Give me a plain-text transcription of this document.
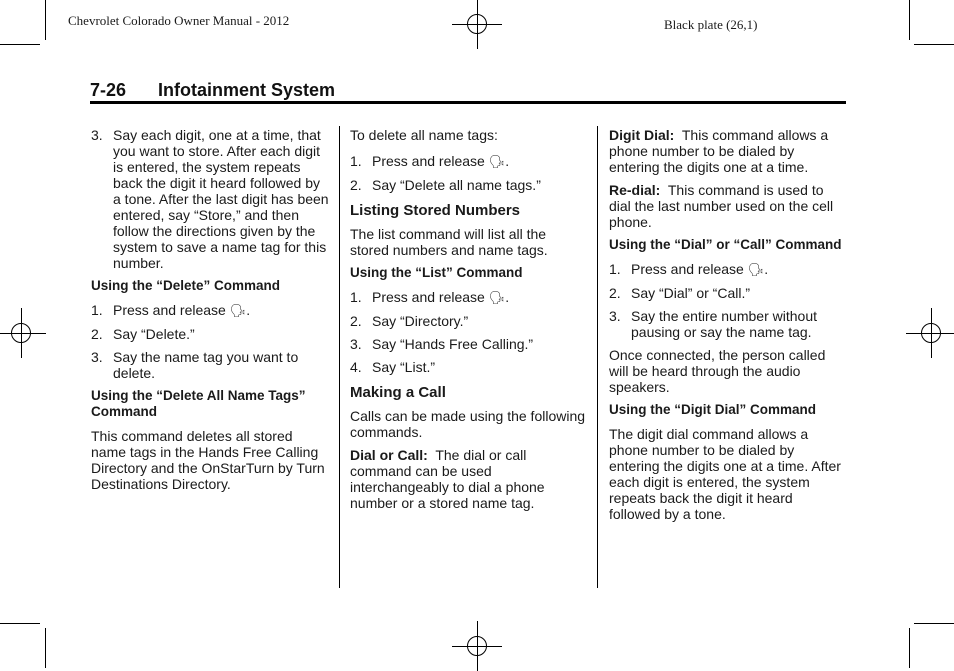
Chevrolet Colorado Owner Manual - 2012	Black plate (26,1)
7-26 Infotainment System
3. Say each digit, one at a time, that you want to store. After each digit is entered, the system repeats back the digit it heard followed by a tone. After the last digit has been entered, say “Store,” and then follow the directions given by the system to save a name tag for this number.
Using the “Delete” Command
1. Press and release 🗣︎.
2. Say “Delete.”
3. Say the name tag you want to delete.
Using the “Delete All Name Tags” Command

This command deletes all stored name tags in the Hands Free Calling Directory and the OnStarTurn by Turn Destinations Directory.

To delete all name tags:

1. Press and release 🗣︎.
2. Say “Delete all name tags.”
Listing Stored Numbers

The list command will list all the stored numbers and name tags.

Using the “List” Command
1. Press and release 🗣︎.
2. Say “Directory.”
3. Say “Hands Free Calling.”
4. Say “List.”
Making a Call

Calls can be made using the following commands.

Dial or Call: The dial or call command can be used interchangeably to dial a phone number or a stored name tag.

Digit Dial: This command allows a phone number to be dialed by entering the digits one at a time.

Re-dial: This command is used to dial the last number used on the cell phone.

Using the “Dial” or “Call” Command
1. Press and release 🗣︎.
2. Say “Dial” or “Call.”
3. Say the entire number without pausing or say the name tag.

Once connected, the person called will be heard through the audio speakers.

Using the “Digit Dial” Command

The digit dial command allows a phone number to be dialed by entering the digits one at a time. After each digit is entered, the system repeats back the digit it heard followed by a tone.
